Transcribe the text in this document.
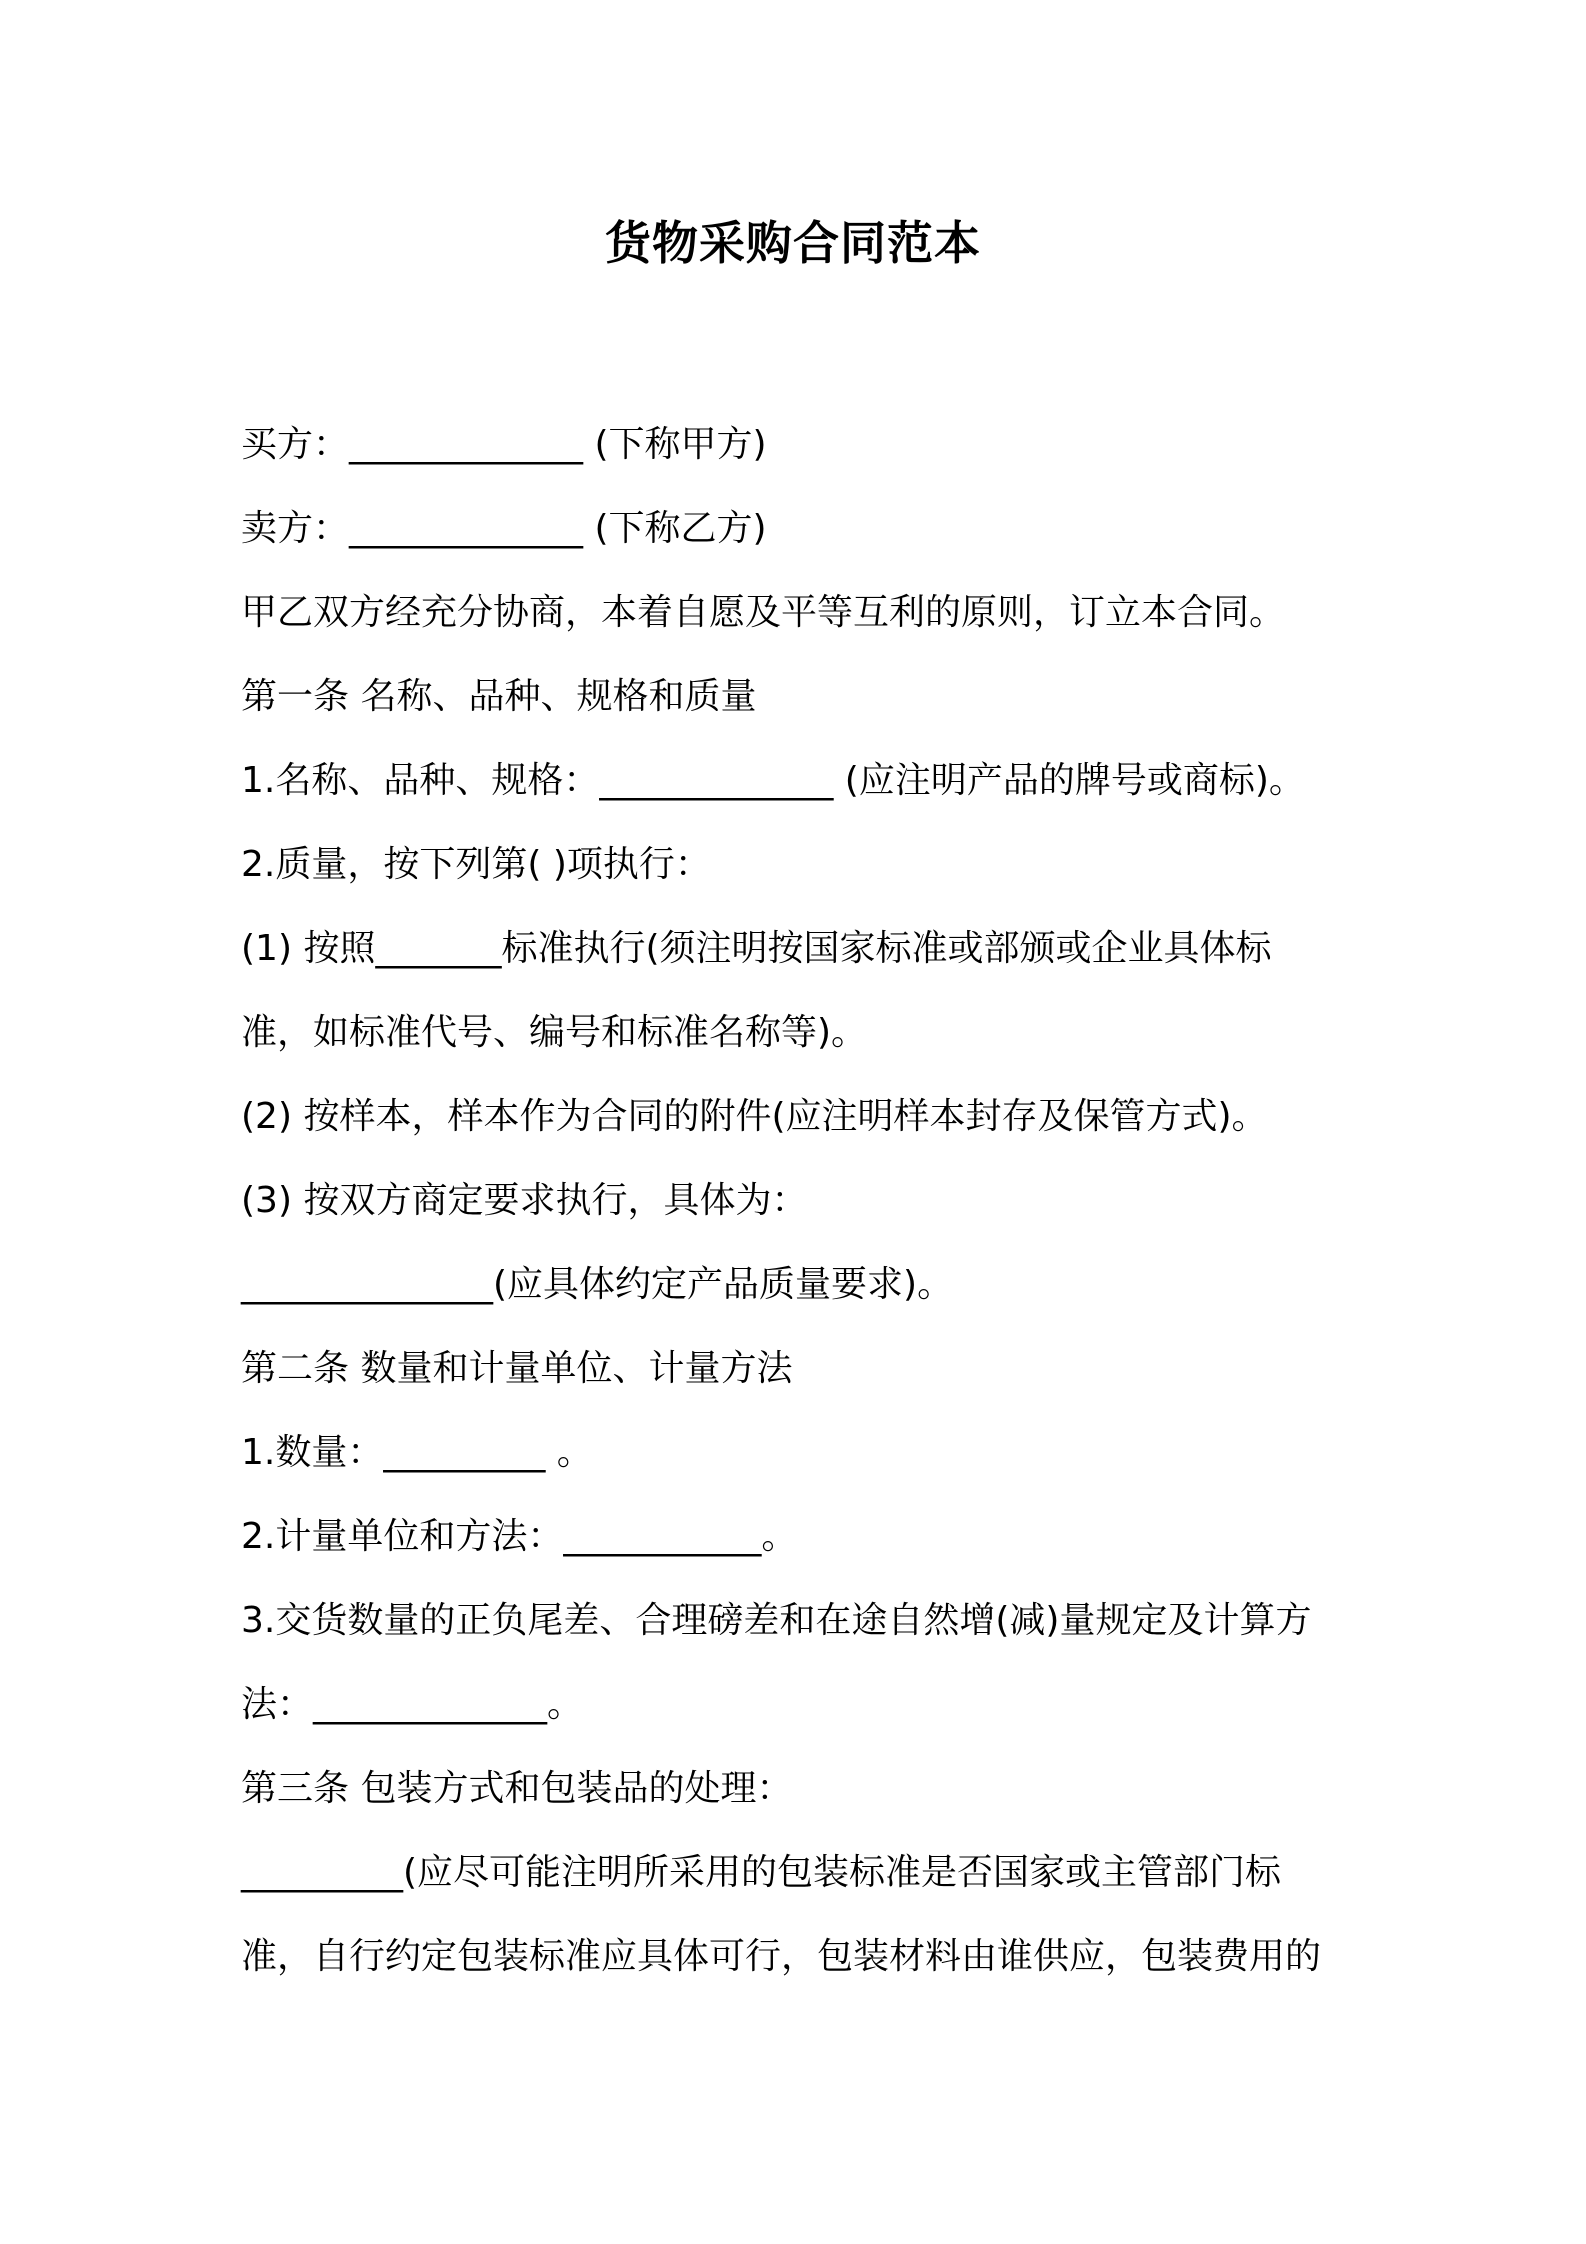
货物采购合同范本
买方：_____________ (下称甲方)
卖方：_____________ (下称乙方)
甲乙双方经充分协商，本着自愿及平等互利的原则，订立本合同。
第一条 名称、品种、规格和质量
1.名称、品种、规格：_____________ (应注明产品的牌号或商标)。
2.质量，按下列第( )项执行：
(1) 按照_______标准执行(须注明按国家标准或部颁或企业具体标
准，如标准代号、编号和标准名称等)。
(2) 按样本，样本作为合同的附件(应注明样本封存及保管方式)。
(3) 按双方商定要求执行，具体为：
______________(应具体约定产品质量要求)。
第二条 数量和计量单位、计量方法
1.数量：_________ 。
2.计量单位和方法：___________。
3.交货数量的正负尾差、合理磅差和在途自然增(减)量规定及计算方
法：_____________。
第三条 包装方式和包装品的处理：
_________(应尽可能注明所采用的包装标准是否国家或主管部门标
准，自行约定包装标准应具体可行，包装材料由谁供应，包装费用的
